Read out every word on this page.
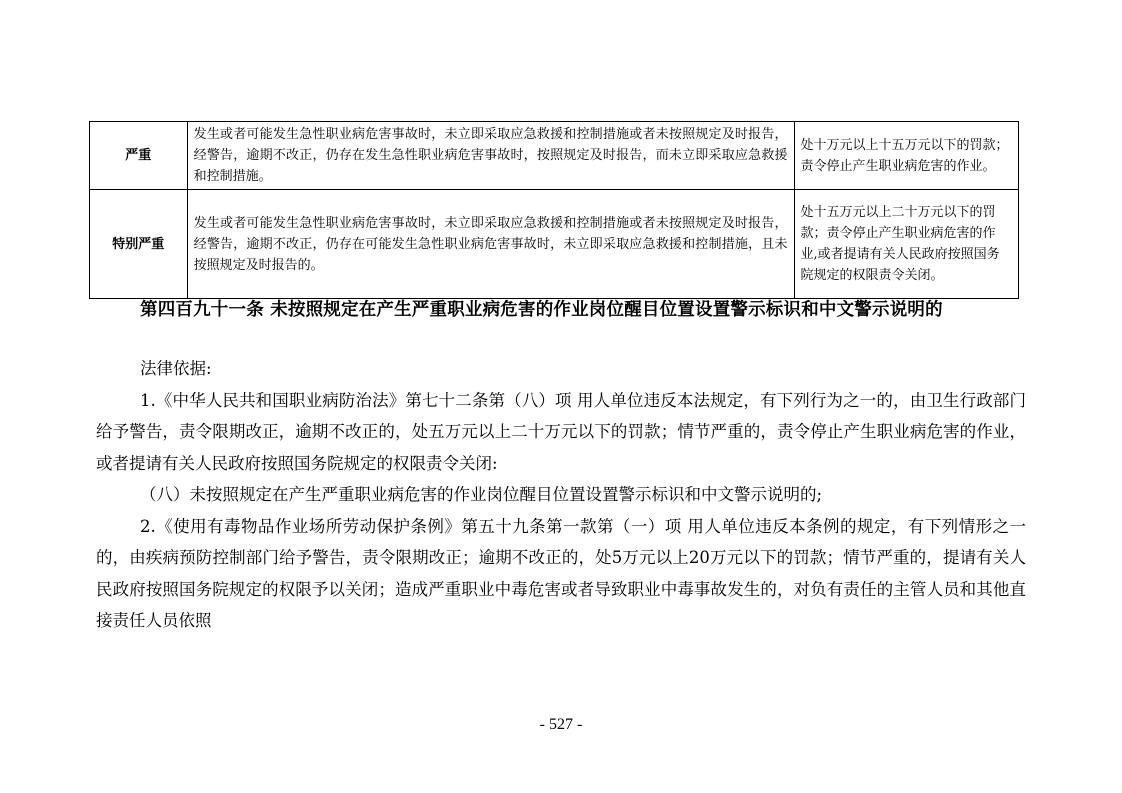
严重	发生或者可能发生急性职业病危害事故时，未立即采取应急救援和控制措施或者未按照规定及时报告，经警告，逾期不改正，仍存在发生急性职业病危害事故时，按照规定及时报告，而未立即采取应急救援和控制措施。	处十万元以上十五万元以下的罚款；责令停止产生职业病危害的作业。
特别严重	发生或者可能发生急性职业病危害事故时，未立即采取应急救援和控制措施或者未按照规定及时报告，经警告，逾期不改正，仍存在可能发生急性职业病危害事故时，未立即采取应急救援和控制措施，且未按照规定及时报告的。	处十五万元以上二十万元以下的罚款；责令停止产生职业病危害的作业,或者提请有关人民政府按照国务院规定的权限责令关闭。
第四百九十一条 未按照规定在产生严重职业病危害的作业岗位醒目位置设置警示标识和中文警示说明的

法律依据:

1.《中华人民共和国职业病防治法》第七十二条第（八）项 用人单位违反本法规定，有下列行为之一的，由卫生行政部门给予警告，责令限期改正，逾期不改正的，处五万元以上二十万元以下的罚款；情节严重的，责令停止产生职业病危害的作业，或者提请有关人民政府按照国务院规定的权限责令关闭:

（八）未按照规定在产生严重职业病危害的作业岗位醒目位置设置警示标识和中文警示说明的;

2.《使用有毒物品作业场所劳动保护条例》第五十九条第一款第（一）项 用人单位违反本条例的规定，有下列情形之一的，由疾病预防控制部门给予警告，责令限期改正；逾期不改正的，处5万元以上20万元以下的罚款；情节严重的，提请有关人民政府按照国务院规定的权限予以关闭；造成严重职业中毒危害或者导致职业中毒事故发生的，对负有责任的主管人员和其他直接责任人员依照

- 527 -
